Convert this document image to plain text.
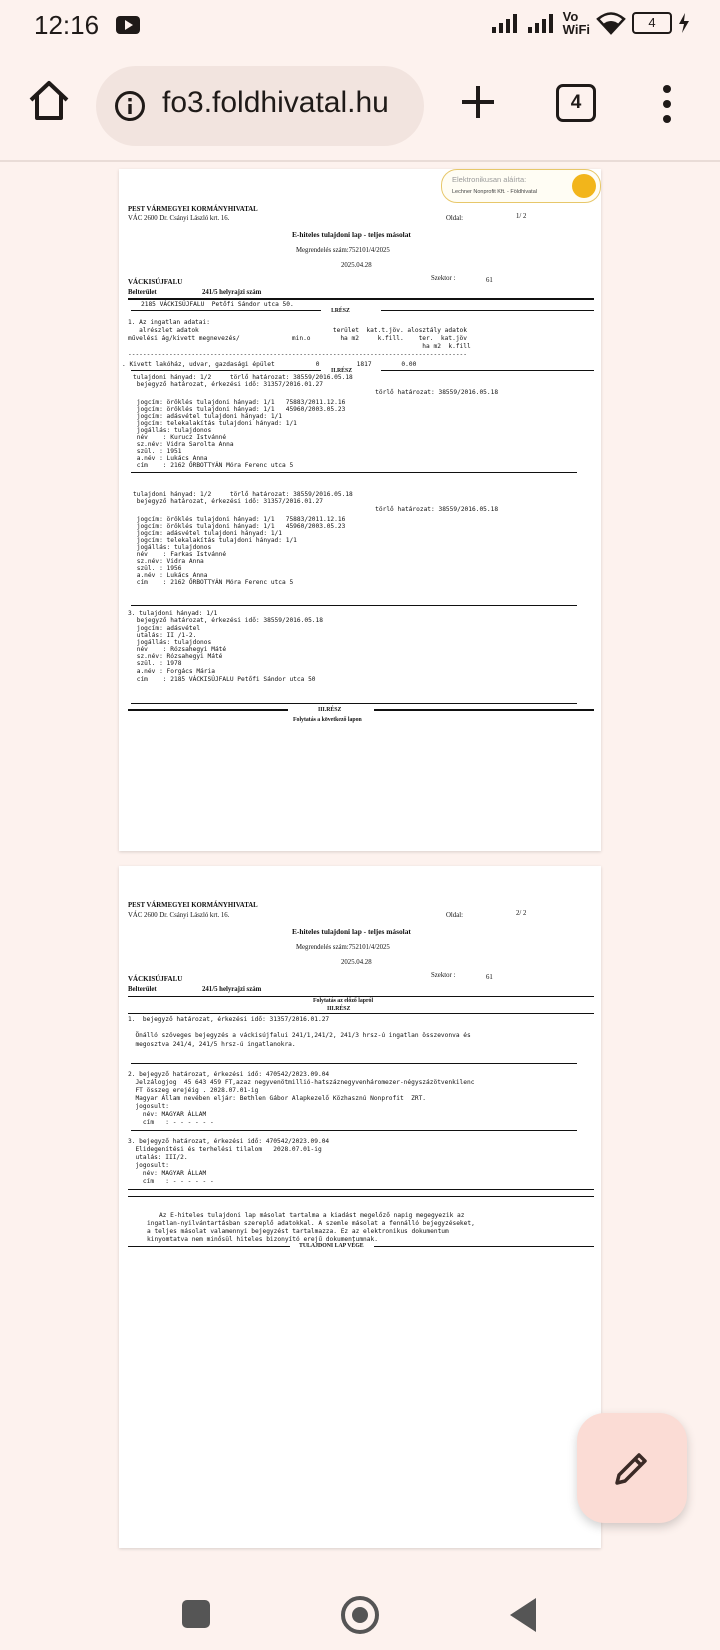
12:16	Vo
WiFi	4
fo3.foldhivatal.hu	4
Elektronikusan aláírta:
Lechner Nonprofit Kft. - Földhivatal
PEST VÁRMEGYEI KORMÁNYHIVATAL
VÁC 2600 Dr. Csányi László krt. 16.	Oldal:	1/ 2
E-hiteles tulajdoni lap - teljes másolat
Megrendelés szám:752101/4/2025
2025.04.28
VÁCKISÚJFALU	Szektor :	61
Belterület	241/5 helyrajzi szám
2185 VÁCKISÚJFALU  Petőfi Sándor utca 50.
I.RÉSZ
1. Az ingatlan adatai:
alrészlet adatok                                    terület  kat.t.jöv. alosztály adatok
művelési ág/kivett megnevezés/              min.o        ha m2     k.fill.    ter.  kat.jöv
ha m2  k.fill
-------------------------------------------------------------------------------------------
. Kivett lakóház, udvar, gazdasági épület           0          1817        0.00
II.RÉSZ
tulajdoni hányad: 1/2     törlő határozat: 38559/2016.05.18
bejegyző határozat, érkezési idő: 31357/2016.01.27
törlő határozat: 38559/2016.05.18
jogcím: öröklés tulajdoni hányad: 1/1   75883/2011.12.16
jogcím: öröklés tulajdoni hányad: 1/1   45960/2003.05.23
jogcím: adásvétel tulajdoni hányad: 1/1
jogcím: telekalakítás tulajdoni hányad: 1/1
jogállás: tulajdonos
név    : Kurucz Istvánné
sz.név: Vidra Sarolta Anna
szül. : 1951
a.név : Lukács Anna
cím    : 2162 ŐRBOTTYÁN Móra Ferenc utca 5
tulajdoni hányad: 1/2     törlő határozat: 38559/2016.05.18
bejegyző határozat, érkezési idő: 31357/2016.01.27
törlő határozat: 38559/2016.05.18
jogcím: öröklés tulajdoni hányad: 1/1   75883/2011.12.16
jogcím: öröklés tulajdoni hányad: 1/1   45960/2003.05.23
jogcím: adásvétel tulajdoni hányad: 1/1
jogcím: telekalakítás tulajdoni hányad: 1/1
jogállás: tulajdonos
név    : Farkas Istvánné
sz.név: Vidra Anna
szül. : 1956
a.név : Lukács Anna
cím    : 2162 ŐRBOTTYÁN Móra Ferenc utca 5
3. tulajdoni hányad: 1/1
bejegyző határozat, érkezési idő: 38559/2016.05.18
jogcím: adásvétel
utalás: II /1-2.
jogállás: tulajdonos
név    : Rózsahegyi Máté
sz.név: Rózsahegyi Máté
szül. : 1978
a.név : Forgács Mária
cím    : 2185 VÁCKISÚJFALU Petőfi Sándor utca 50
III.RÉSZ
Folytatás a következő lapon
PEST VÁRMEGYEI KORMÁNYHIVATAL
VÁC 2600 Dr. Csányi László krt. 16.	Oldal:	2/ 2
E-hiteles tulajdoni lap - teljes másolat
Megrendelés szám:752101/4/2025
2025.04.28
VÁCKISÚJFALU	Szektor :	61
Belterület	241/5 helyrajzi szám
Folytatás az előző lapról
III.RÉSZ
1.  bejegyző határozat, érkezési idő: 31357/2016.01.27
Önálló szöveges bejegyzés a váckisújfalui 241/1,241/2, 241/3 hrsz-ú ingatlan összevonva és
megosztva 241/4, 241/5 hrsz-ú ingatlanokra.
2. bejegyző határozat, érkezési idő: 470542/2023.09.04
Jelzálogjog  45 643 459 FT,azaz negyvenötmillió-hatszáznegyvenháromezer-négyszázötvenkilenc
FT összeg erejéig . 2028.07.01-ig
Magyar Állam nevében eljár: Bethlen Gábor Alapkezelő Közhasznú Nonprofit  ZRT.
jogosult:
név: MAGYAR ÁLLAM
cím   : - - - - - -
3. bejegyző határozat, érkezési idő: 470542/2023.09.04
Elidegenítési és terhelési tilalom   2028.07.01-ig
utalás: III/2.
jogosult:
név: MAGYAR ÁLLAM
cím   : - - - - - -
Az E-hiteles tulajdoni lap másolat tartalma a kiadást megelőző napig megegyezik az
ingatlan-nyilvántartásban szereplő adatokkal. A szemle másolat a fennálló bejegyzéseket,
a teljes másolat valamennyi bejegyzést tartalmazza. Ez az elektronikus dokumentum
kinyomtatva nem minősül hiteles bizonyító erejű dokumentumnak.
TULAJDONI LAP VÉGE
